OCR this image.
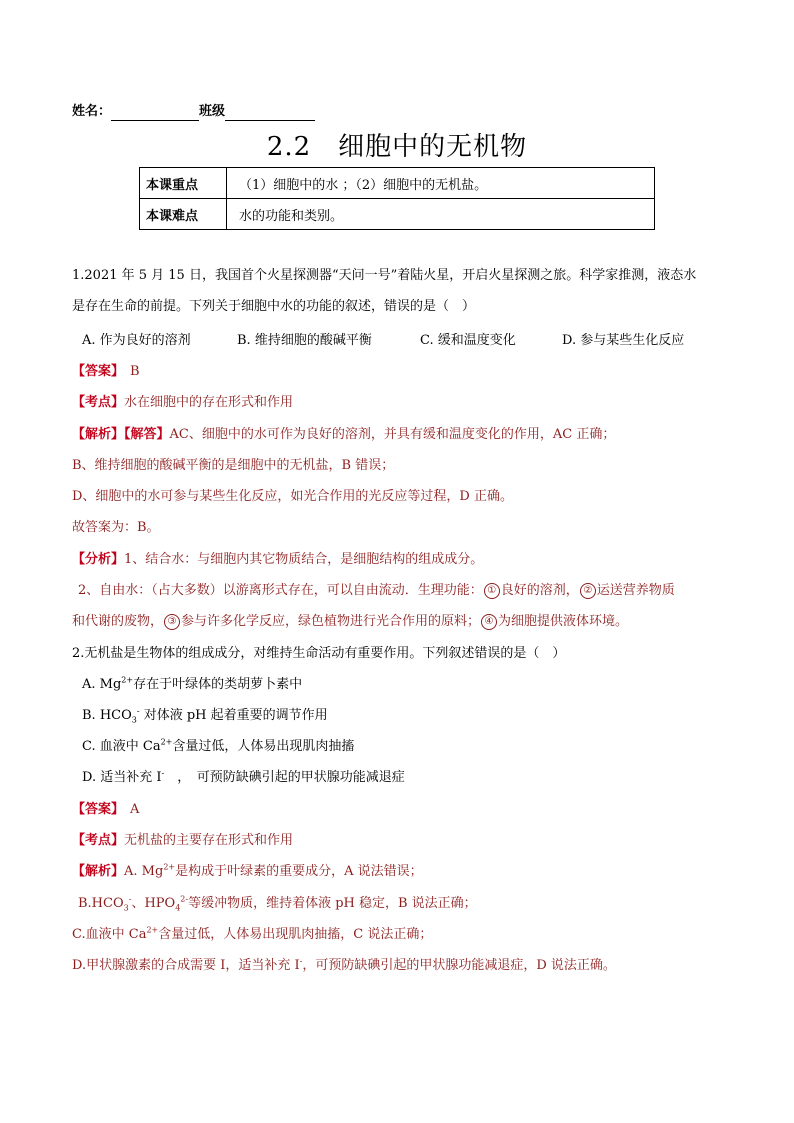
姓名：	班级
2.2　细胞中的无机物
本课重点	（1）细胞中的水 ；（2）细胞中的无机盐。
本课难点	水的功能和类别。
1.2021 年 5 月 15 日，我国首个火星探测器“天问一号”着陆火星，开启火星探测之旅。科学家推测，液态水
是存在生命的前提。下列关于细胞中水的功能的叙述，错误的是（　）
A. 作为良好的溶剂	B. 维持细胞的酸碱平衡	C. 缓和温度变化	D. 参与某些生化反应
【答案】 B
【考点】水在细胞中的存在形式和作用
【解析】【解答】AC、细胞中的水可作为良好的溶剂，并具有缓和温度变化的作用，AC 正确；
B、维持细胞的酸碱平衡的是细胞中的无机盐，B 错误；
D、细胞中的水可参与某些生化反应，如光合作用的光反应等过程，D 正确。
故答案为：B。
【分析】1、结合水：与细胞内其它物质结合，是细胞结构的组成成分。
2、自由水：（占大多数）以游离形式存在，可以自由流动．生理功能： ① 良好的溶剂， ② 运送营养物质
和代谢的废物， ③ 参与许多化学反应，绿色植物进行光合作用的原料； ④ 为细胞提供液体环境。
2.无机盐是生物体的组成成分，对维持生命活动有重要作用。下列叙述错误的是（　）
A. $Mg^{2+}$存在于叶绿体的类胡萝卜素中
B. $HCO_3^-$ 对体液 pH 起着重要的调节作用
C. 血液中 $Ca^{2+}$含量过低，人体易出现肌肉抽搐
D. 适当补充 I-　，　可预防缺碘引起的甲状腺功能减退症
【答案】 A
【考点】无机盐的主要存在形式和作用
【解析】A. $Mg^{2+}$是构成于叶绿素的重要成分，A 说法错误；
$B.HCO_3^-$、$HPO_4^{2-}$等缓冲物质，维持着体液 pH 稳定，B 说法正确；
C.血液中 $Ca^{2+}$含量过低，人体易出现肌肉抽搐，C 说法正确；
D.甲状腺激素的合成需要 I，适当补充 I-，可预防缺碘引起的甲状腺功能减退症，D 说法正确。
